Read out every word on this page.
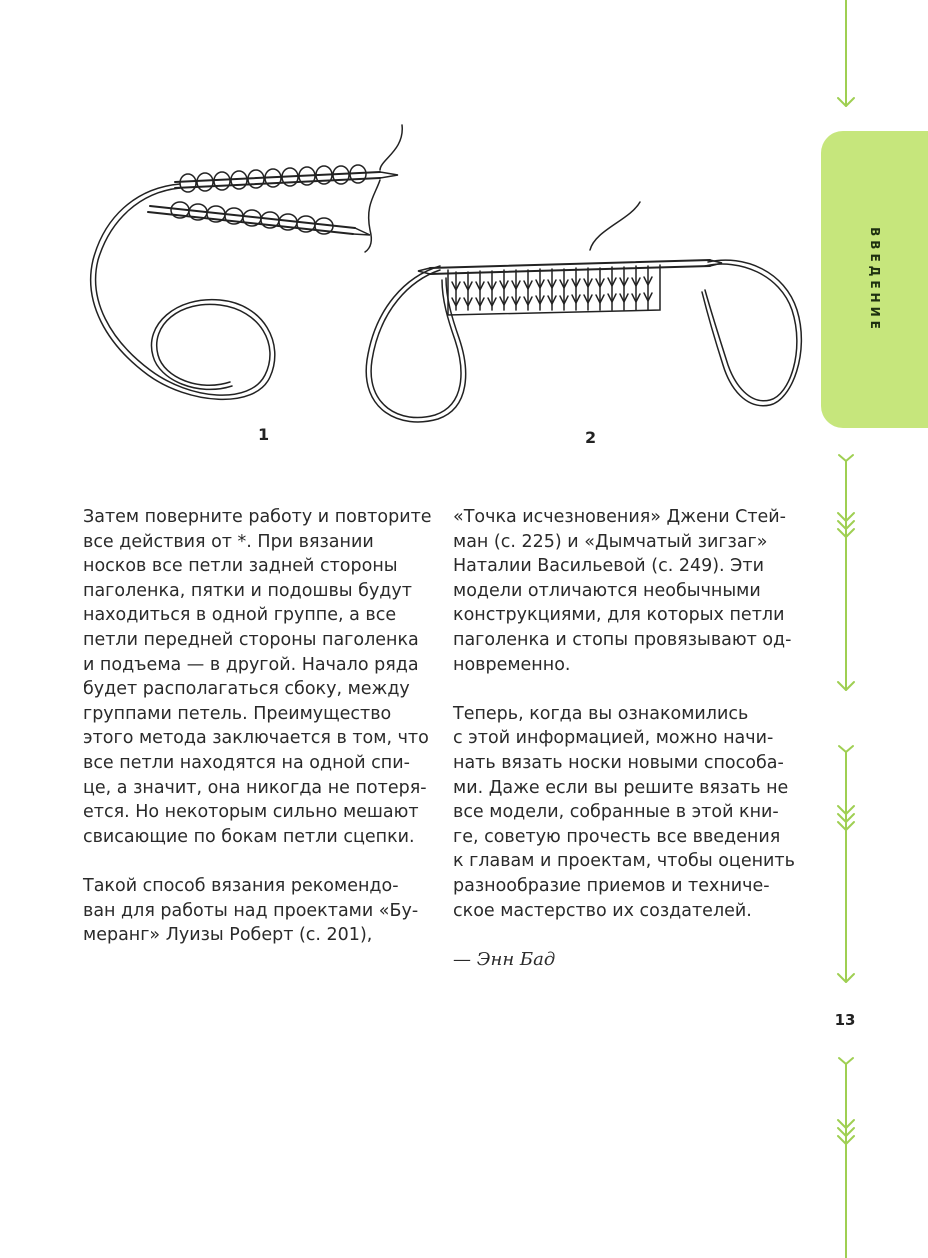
1	2

Затем поверните работу и повторите
все действия от *. При вязании
носков все петли задней стороны
паголенка, пятки и подошвы будут
находиться в одной группе, а все
петли передней стороны паголенка
и подъема — в другой. Начало ряда
будет располагаться сбоку, между
группами петель. Преимущество
этого метода заключается в том, что
все петли находятся на одной спи-
це, а значит, она никогда не потеря-
ется. Но некоторым сильно мешают
свисающие по бокам петли сцепки.

Такой способ вязания рекомендо-
ван для работы над проектами «Бу-
меранг» Луизы Роберт (с. 201),

«Точка исчезновения» Джени Стей-
ман (с. 225) и «Дымчатый зигзаг»
Наталии Васильевой (с. 249). Эти
модели отличаются необычными
конструкциями, для которых петли
паголенка и стопы провязывают од-
новременно.

Теперь, когда вы ознакомились
с этой информацией, можно начи-
нать вязать носки новыми способа-
ми. Даже если вы решите вязать не
все модели, собранные в этой кни-
ге, советую прочесть все введения
к главам и проектам, чтобы оценить
разнообразие приемов и техниче-
ское мастерство их создателей.

— Энн Бад

ВВЕДЕНИЕ
13
